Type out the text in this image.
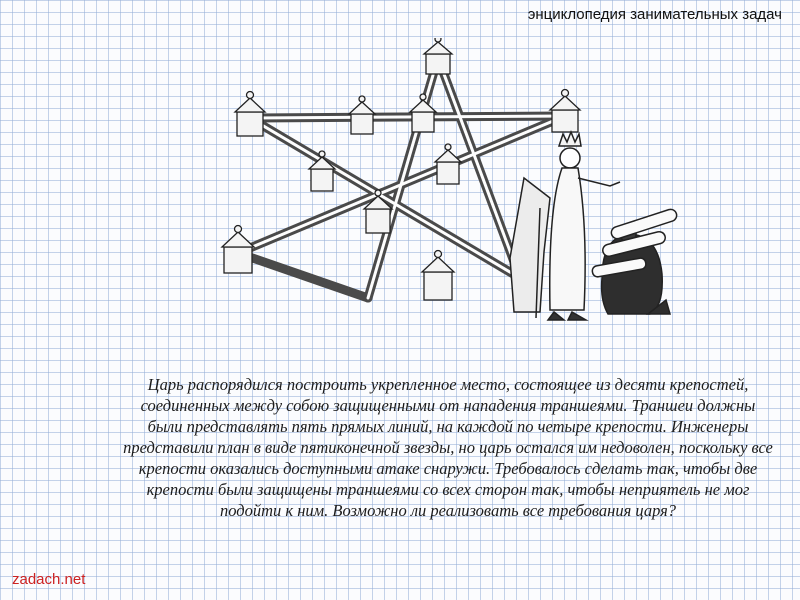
энциклопедия занимательных задач

Царь распорядился построить укрепленное место, состоящее из десяти крепостей, соединенных между собою защищенными от нападения траншеями. Траншеи должны были представлять пять прямых линий, на каждой по четыре крепости. Инженеры представили план в виде пятиконечной звезды, но царь остался им недоволен, поскольку все крепости оказались доступными атаке снаружи. Требовалось сделать так, чтобы две крепости были защищены траншеями со всех сторон так, чтобы неприятель не мог подойти к ним. Возможно ли реализовать все требования царя?

zadach.net
